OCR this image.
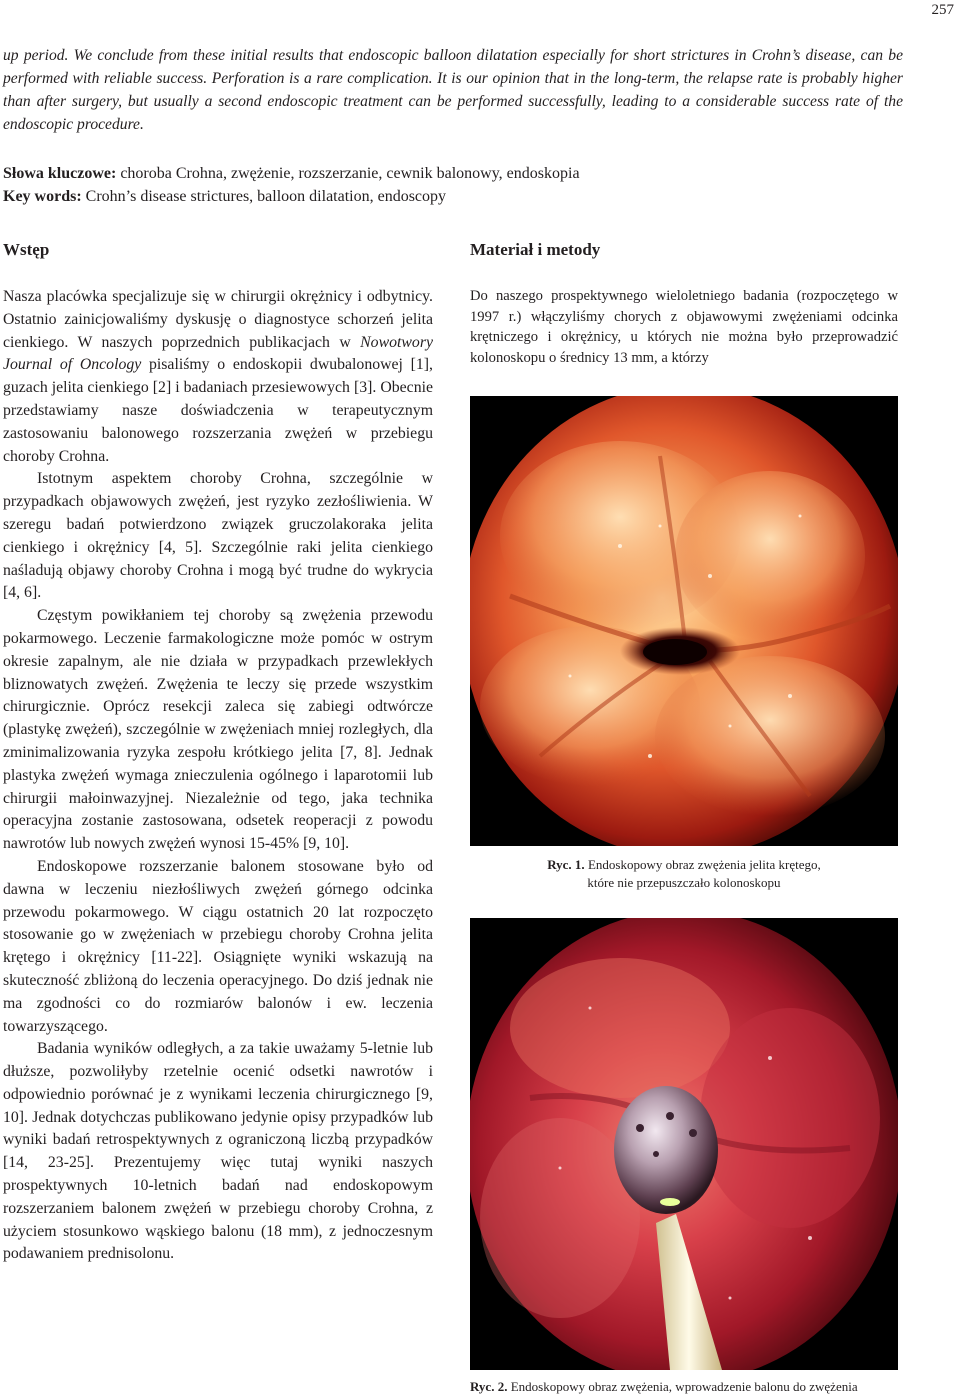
257
up period. We conclude from these initial results that endoscopic balloon dilatation especially for short strictures in Crohn’s disease, can be performed with reliable success. Perforation is a rare complication. It is our opinion that in the long-term, the relapse rate is probably higher than after surgery, but usually a second endoscopic treatment can be performed successfully, leading to a considerable success rate of the endoscopic procedure.
Słowa kluczowe: choroba Crohna, zwężenie, rozszerzanie, cewnik balonowy, endoskopia
Key words: Crohn’s disease strictures, balloon dilatation, endoscopy
Wstęp	Materiał i metody

Nasza placówka specjalizuje się w chirurgii okrężnicy i odbytnicy. Ostatnio zainicjowaliśmy dyskusję o diagnostyce schorzeń jelita cienkiego. W naszych poprzednich publikacjach w Nowotwory Journal of Oncology pisaliśmy o endoskopii dwubalonowej [1], guzach jelita cienkiego [2] i badaniach przesiewowych [3]. Obecnie przedstawiamy nasze doświadczenia w terapeutycznym zastosowaniu balonowego rozszerzania zwężeń w przebiegu choroby Crohna.

Istotnym aspektem choroby Crohna, szczególnie w przypadkach objawowych zwężeń, jest ryzyko zezłośliwienia. W szeregu badań potwierdzono związek gruczolakoraka jelita cienkiego i okrężnicy [4, 5]. Szczególnie raki jelita cienkiego naśladują objawy choroby Crohna i mogą być trudne do wykrycia [4, 6].

Częstym powikłaniem tej choroby są zwężenia przewodu pokarmowego. Leczenie farmakologiczne może pomóc w ostrym okresie zapalnym, ale nie działa w przypadkach przewlekłych bliznowatych zwężeń. Zwężenia te leczy się przede wszystkim chirurgicznie. Oprócz resekcji zaleca się zabiegi odtwórcze (plastykę zwężeń), szczególnie w zwężeniach mniej rozległych, dla zminimalizowania ryzyka zespołu krótkiego jelita [7, 8]. Jednak plastyka zwężeń wymaga znieczulenia ogólnego i laparotomii lub chirurgii małoinwazyjnej. Niezależnie od tego, jaka technika operacyjna zostanie zastosowana, odsetek reoperacji z powodu nawrotów lub nowych zwężeń wynosi 15-45% [9, 10].

Endoskopowe rozszerzanie balonem stosowane było od dawna w leczeniu niezłośliwych zwężeń górnego odcinka przewodu pokarmowego. W ciągu ostatnich 20 lat rozpoczęto stosowanie go w zwężeniach w przebiegu choroby Crohna jelita krętego i okrężnicy [11-22]. Osiągnięte wyniki wskazują na skuteczność zbliżoną do leczenia operacyjnego. Do dziś jednak nie ma zgodności co do rozmiarów balonów i ew. leczenia towarzyszącego.

Badania wyników odległych, a za takie uważamy 5-letnie lub dłuższe, pozwoliłyby rzetelnie ocenić odsetki nawrotów i odpowiednio porównać je z wynikami leczenia chirurgicznego [9, 10]. Jednak dotychczas publikowano jedynie opisy przypadków lub wyniki badań retrospektywnych z ograniczoną liczbą przypadków [14, 23-25]. Prezentujemy więc tutaj wyniki naszych prospektywnych 10-letnich badań nad endoskopowym rozszerzaniem balonem zwężeń w przebiegu choroby Crohna, z użyciem stosunkowo wąskiego balonu (18 mm), z jednoczesnym podawaniem prednisolonu.

Do naszego prospektywnego wieloletniego badania (rozpoczętego w 1997 r.) włączyliśmy chorych z objawowymi zwężeniami odcinka krętniczego i okrężnicy, u których nie można było przeprowadzić kolonoskopu o średnicy 13 mm, a którzy
Ryc. 1. Endoskopowy obraz zwężenia jelita krętego,
które nie przepuszczało kolonoskopu
Ryc. 2. Endoskopowy obraz zwężenia, wprowadzenie balonu do zwężenia
